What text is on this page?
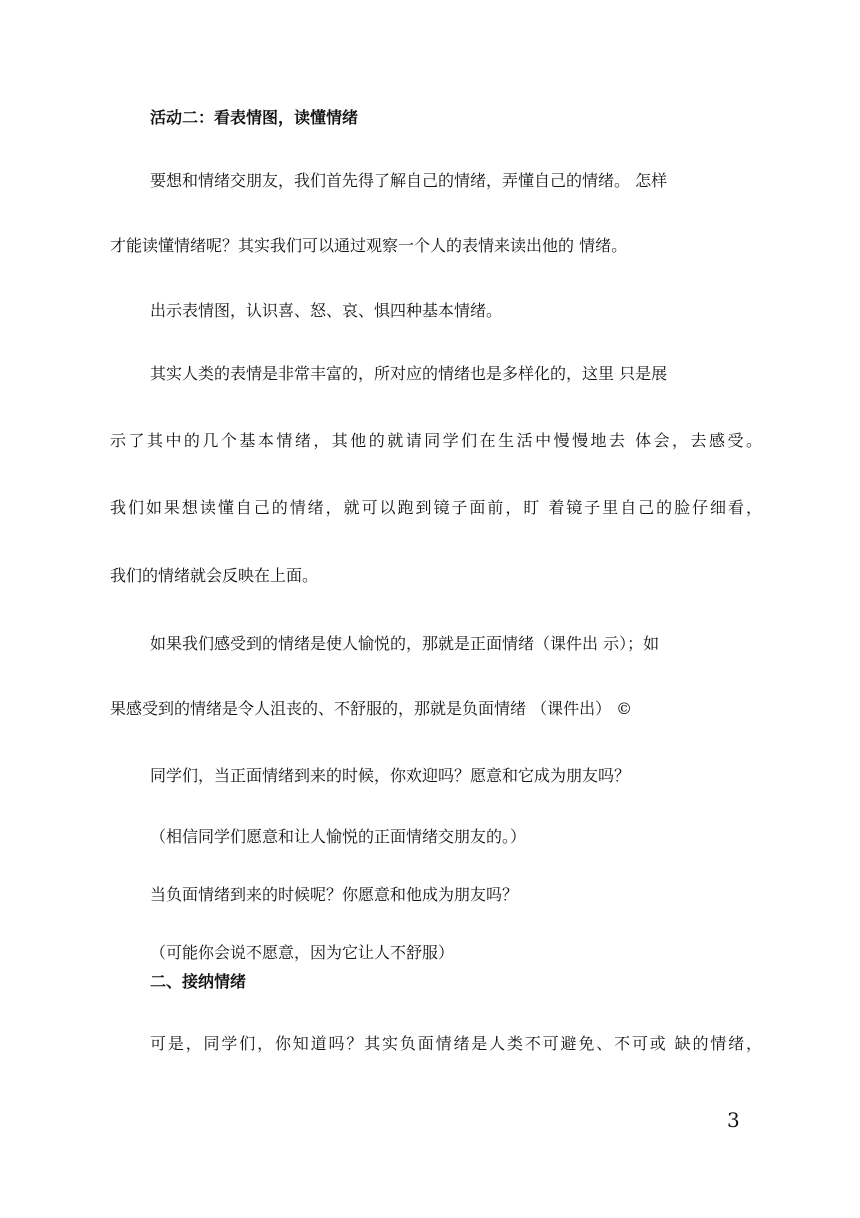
活动二：看表情图，读懂情绪

要想和情绪交朋友，我们首先得了解自己的情绪，弄懂自己的情绪。 怎样

才能读懂情绪呢？其实我们可以通过观察一个人的表情来读出他的 情绪。

出示表情图，认识喜、怒、哀、惧四种基本情绪。

其实人类的表情是非常丰富的，所对应的情绪也是多样化的，这里 只是展

示了其中的几个基本情绪，其他的就请同学们在生活中慢慢地去 体会，去感受。

我们如果想读懂自己的情绪，就可以跑到镜子面前，盯 着镜子里自己的脸仔细看，

我们的情绪就会反映在上面。

如果我们感受到的情绪是使人愉悦的，那就是正面情绪（课件出 示）；如

果感受到的情绪是令人沮丧的、不舒服的，那就是负面情绪 （课件出） ©

同学们，当正面情绪到来的时候，你欢迎吗？愿意和它成为朋友吗？

（相信同学们愿意和让人愉悦的正面情绪交朋友的。）

当负面情绪到来的时候呢？你愿意和他成为朋友吗？

（可能你会说不愿意，因为它让人不舒服）

二、接纳情绪

可是，同学们，你知道吗？其实负面情绪是人类不可避免、不可或 缺的情绪，

3
